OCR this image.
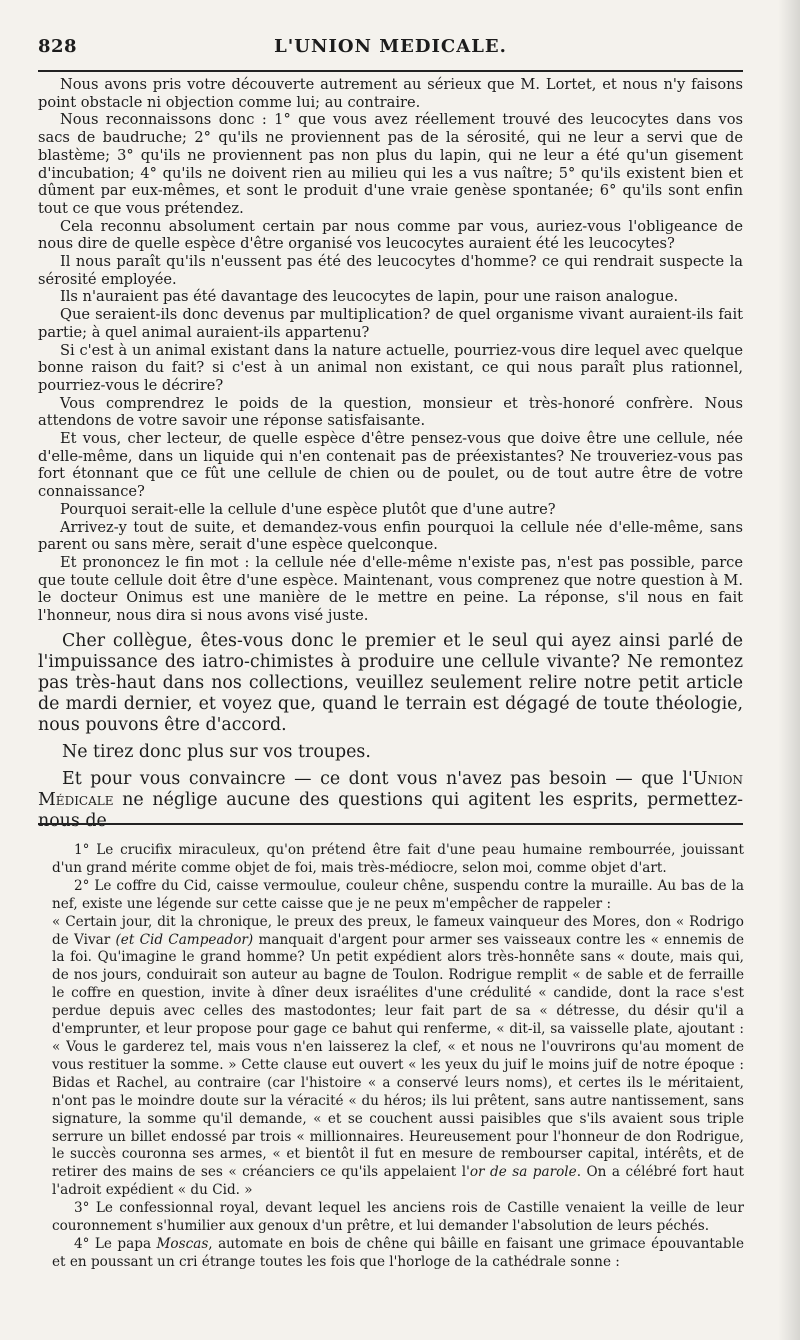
828	L'UNION MEDICALE.

Nous avons pris votre découverte autrement au sérieux que M. Lortet, et nous n'y faisons point obstacle ni objection comme lui; au contraire.

Nous reconnaissons donc : 1° que vous avez réellement trouvé des leucocytes dans vos sacs de baudruche; 2° qu'ils ne proviennent pas de la sérosité, qui ne leur a servi que de blastème; 3° qu'ils ne proviennent pas non plus du lapin, qui ne leur a été qu'un gisement d'incubation; 4° qu'ils ne doivent rien au milieu qui les a vus naître; 5° qu'ils existent bien et dûment par eux-mêmes, et sont le produit d'une vraie genèse spontanée; 6° qu'ils sont enfin tout ce que vous prétendez.

Cela reconnu absolument certain par nous comme par vous, auriez-vous l'obligeance de nous dire de quelle espèce d'être organisé vos leucocytes auraient été les leucocytes?

Il nous paraît qu'ils n'eussent pas été des leucocytes d'homme? ce qui rendrait suspecte la sérosité employée.

Ils n'auraient pas été davantage des leucocytes de lapin, pour une raison analogue.

Que seraient-ils donc devenus par multiplication? de quel organisme vivant auraient-ils fait partie; à quel animal auraient-ils appartenu?

Si c'est à un animal existant dans la nature actuelle, pourriez-vous dire lequel avec quelque bonne raison du fait? si c'est à un animal non existant, ce qui nous paraît plus rationnel, pourriez-vous le décrire?

Vous comprendrez le poids de la question, monsieur et très-honoré confrère. Nous attendons de votre savoir une réponse satisfaisante.

Et vous, cher lecteur, de quelle espèce d'être pensez-vous que doive être une cellule, née d'elle-même, dans un liquide qui n'en contenait pas de préexistantes? Ne trouveriez-vous pas fort étonnant que ce fût une cellule de chien ou de poulet, ou de tout autre être de votre connaissance?

Pourquoi serait-elle la cellule d'une espèce plutôt que d'une autre?

Arrivez-y tout de suite, et demandez-vous enfin pourquoi la cellule née d'elle-même, sans parent ou sans mère, serait d'une espèce quelconque.

Et prononcez le fin mot : la cellule née d'elle-même n'existe pas, n'est pas possible, parce que toute cellule doit être d'une espèce. Maintenant, vous comprenez que notre question à M. le docteur Onimus est une manière de le mettre en peine. La réponse, s'il nous en fait l'honneur, nous dira si nous avons visé juste.

Cher collègue, êtes-vous donc le premier et le seul qui ayez ainsi parlé de l'impuissance des iatro-chimistes à produire une cellule vivante? Ne remontez pas très-haut dans nos collections, veuillez seulement relire notre petit article de mardi dernier, et voyez que, quand le terrain est dégagé de toute théologie, nous pouvons être d'accord.

Ne tirez donc plus sur vos troupes.

Et pour vous convaincre — ce dont vous n'avez pas besoin — que l'Union Médicale ne néglige aucune des questions qui agitent les esprits, permettez-nous de

1° Le crucifix miraculeux, qu'on prétend être fait d'une peau humaine rembourrée, jouissant d'un grand mérite comme objet de foi, mais très-médiocre, selon moi, comme objet d'art.

2° Le coffre du Cid, caisse vermoulue, couleur chêne, suspendu contre la muraille. Au bas de la nef, existe une légende sur cette caisse que je ne peux m'empêcher de rappeler :

« Certain jour, dit la chronique, le preux des preux, le fameux vainqueur des Mores, don « Rodrigo de Vivar (et Cid Campeador) manquait d'argent pour armer ses vaisseaux contre les « ennemis de la foi. Qu'imagine le grand homme? Un petit expédient alors très-honnête sans « doute, mais qui, de nos jours, conduirait son auteur au bagne de Toulon. Rodrigue remplit « de sable et de ferraille le coffre en question, invite à dîner deux israélites d'une crédulité « candide, dont la race s'est perdue depuis avec celles des mastodontes; leur fait part de sa « détresse, du désir qu'il a d'emprunter, et leur propose pour gage ce bahut qui renferme, « dit-il, sa vaisselle plate, ajoutant : « Vous le garderez tel, mais vous n'en laisserez la clef, « et nous ne l'ouvrirons qu'au moment de vous restituer la somme. » Cette clause eut ouvert « les yeux du juif le moins juif de notre époque : Bidas et Rachel, au contraire (car l'histoire « a conservé leurs noms), et certes ils le méritaient, n'ont pas le moindre doute sur la véracité « du héros; ils lui prêtent, sans autre nantissement, sans signature, la somme qu'il demande, « et se couchent aussi paisibles que s'ils avaient sous triple serrure un billet endossé par trois « millionnaires. Heureusement pour l'honneur de don Rodrigue, le succès couronna ses armes, « et bientôt il fut en mesure de rembourser capital, intérêts, et de retirer des mains de ses « créanciers ce qu'ils appelaient l'or de sa parole. On a célébré fort haut l'adroit expédient « du Cid. »

3° Le confessionnal royal, devant lequel les anciens rois de Castille venaient la veille de leur couronnement s'humilier aux genoux d'un prêtre, et lui demander l'absolution de leurs péchés.

4° Le papa Moscas, automate en bois de chêne qui bâille en faisant une grimace épouvantable et en poussant un cri étrange toutes les fois que l'horloge de la cathédrale sonne :
